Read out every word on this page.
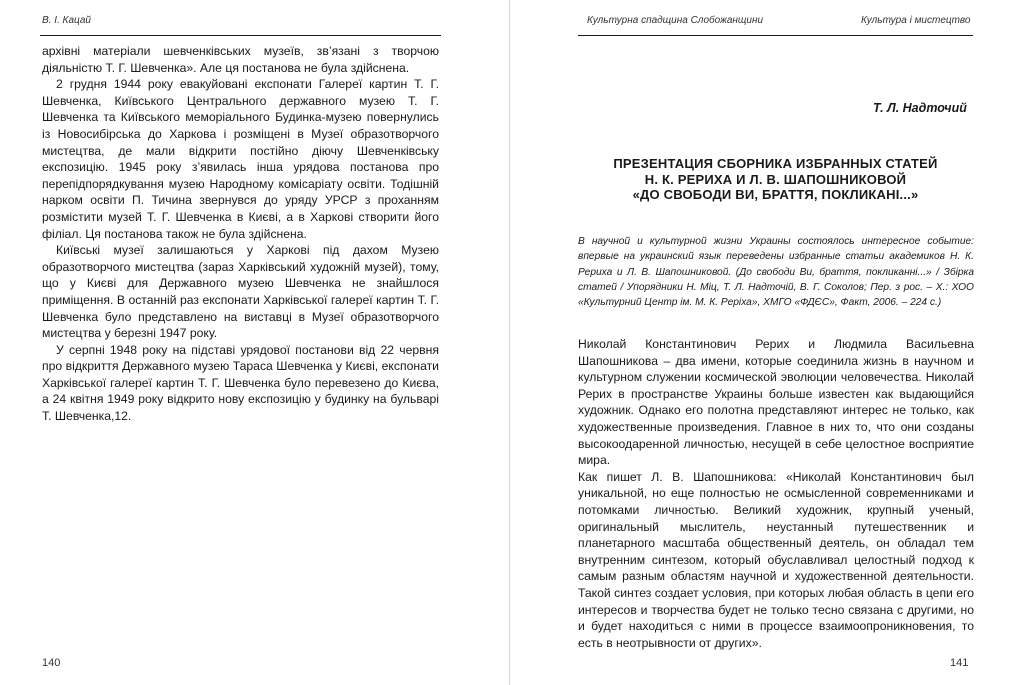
В. І. Кацай

архівні матеріали шевченківських музеїв, зв’язані з творчою діяльністю Т. Г. Шевченка». Але ця постанова не була здійснена.

2 грудня 1944 року евакуйовані експонати Галереї картин Т. Г. Шевченка, Київського Центрального державного музею Т. Г. Шевченка та Київського меморіального Будинка-музею повернулись із Новосибірська до Харкова і розміщені в Музеї образотворчого мистецтва, де мали відкрити постійно діючу Шевченківську експозицію. 1945 року з’явилась інша урядова постанова про перепідпорядкування музею Народному комісаріату освіти. Тодішній нарком освіти П. Тичина звернувся до уряду УРСР з проханням розмістити музей Т. Г. Шевченка в Києві, а в Харкові створити його філіал. Ця постанова також не була здійснена.

Київські музеї залишаються у Харкові під дахом Музею образотворчого мистецтва (зараз Харківський художній музей), тому, що у Києві для Державного музею Шевченка не знайшлося приміщення. В останній раз експонати Харківської галереї картин Т. Г. Шевченка було представлено на виставці в Музеї образотворчого мистецтва у березні 1947 року.

У серпні 1948 року на підставі урядової постанови від 22 червня про відкриття Державного музею Тараса Шевченка у Києві, експонати Харківської галереї картин Т. Г. Шевченка було перевезено до Києва, а 24 квітня 1949 року відкрито нову експозицію у будинку на бульварі Т. Шевченка,12.

140
Культурна спадщина Слобожанщини	Культура і мистецтво
Т. Л. Надточий
ПРЕЗЕНТАЦИЯ СБОРНИКА ИЗБРАННЫХ СТАТЕЙ
Н. К. РЕРИХА И Л. В. ШАПОШНИКОВОЙ
«ДО СВОБОДИ ВИ, БРАТТЯ, ПОКЛИКАНІ...»
В научной и культурной жизни Украины состоялось интересное событие: впервые на украинский язык переведены избранные статьи академиков Н. К. Рериха и Л. В. Шапошниковой. (До свободи Ви, браття, покликанні...» / Збірка статей / Упорядники Н. Міц, Т. Л. Надточій, В. Г. Соколов; Пер. з рос. – Х.: ХОО «Культурний Центр ім. М. К. Реріха», ХМГО «ФДЄС», Факт, 2006. – 224 с.)

Николай Константинович Рерих и Людмила Васильевна Шапошникова – два имени, которые соединила жизнь в научном и культурном служении космической эволюции человечества. Николай Рерих в пространстве Украины больше известен как выдающийся художник. Однако его полотна представляют интерес не только, как художественные произведения. Главное в них то, что они созданы высокоодаренной личностью, несущей в себе целостное восприятие мира.

Как пишет Л. В. Шапошникова: «Николай Константинович был уникальной, но еще полностью не осмысленной современниками и потомками личностью. Великий художник, крупный ученый, оригинальный мыслитель, неустанный путешественник и планетарного масштаба общественный деятель, он обладал тем внутренним синтезом, который обуславливал целостный подход к самым разным областям научной и художественной деятельности. Такой синтез создает условия, при которых любая область в цепи его интересов и творчества будет не только тесно связана с другими, но и будет находиться с ними в процессе взаимоопроникновения, то есть в неотрывности от других».

141
